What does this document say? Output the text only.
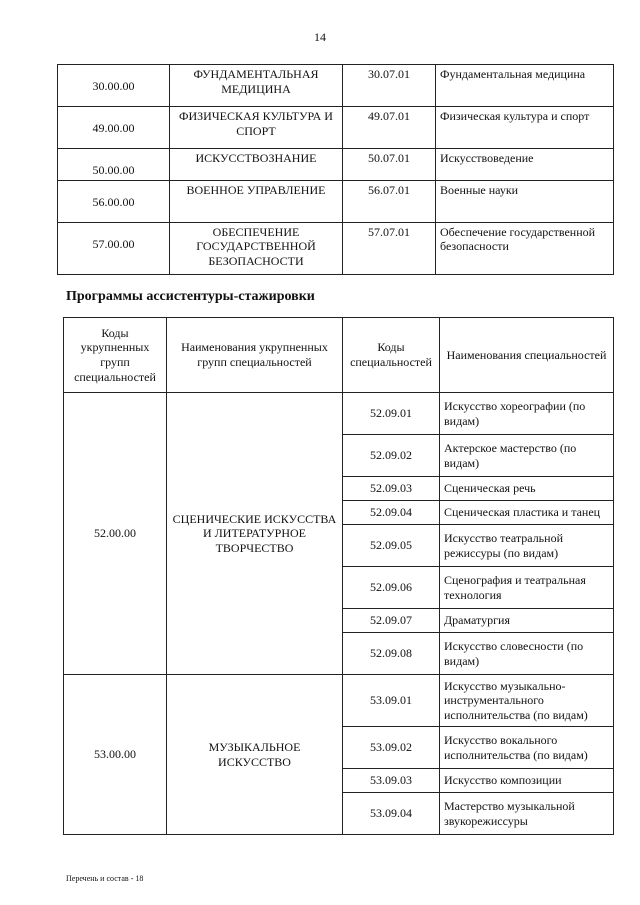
14
30.00.00	ФУНДАМЕНТАЛЬНАЯ МЕДИЦИНА	30.07.01	Фундаментальная медицина
49.00.00	ФИЗИЧЕСКАЯ КУЛЬТУРА И СПОРТ	49.07.01	Физическая культура и спорт
50.00.00	ИСКУССТВОЗНАНИЕ	50.07.01	Искусствоведение
56.00.00	ВОЕННОЕ УПРАВЛЕНИЕ	56.07.01	Военные науки
57.00.00	ОБЕСПЕЧЕНИЕ ГОСУДАРСТВЕННОЙ БЕЗОПАСНОСТИ	57.07.01	Обеспечение государственной безопасности
Программы ассистентуры-стажировки
Коды укрупненных групп специальностей	Наименования укрупненных групп специальностей	Коды специальностей	Наименования специальностей
52.00.00	СЦЕНИЧЕСКИЕ ИСКУССТВА И ЛИТЕРАТУРНОЕ ТВОРЧЕСТВО	52.09.01	Искусство хореографии (по видам)
		52.09.02	Актерское мастерство (по видам)
		52.09.03	Сценическая речь
		52.09.04	Сценическая пластика и танец
		52.09.05	Искусство театральной режиссуры (по видам)
		52.09.06	Сценография и театральная технология
		52.09.07	Драматургия
		52.09.08	Искусство словесности (по видам)
53.00.00	МУЗЫКАЛЬНОЕ ИСКУССТВО	53.09.01	Искусство музыкально-инструментального исполнительства (по видам)
		53.09.02	Искусство вокального исполнительства (по видам)
		53.09.03	Искусство композиции
		53.09.04	Мастерство музыкальной звукорежиссуры
Перечень и состав - 18
